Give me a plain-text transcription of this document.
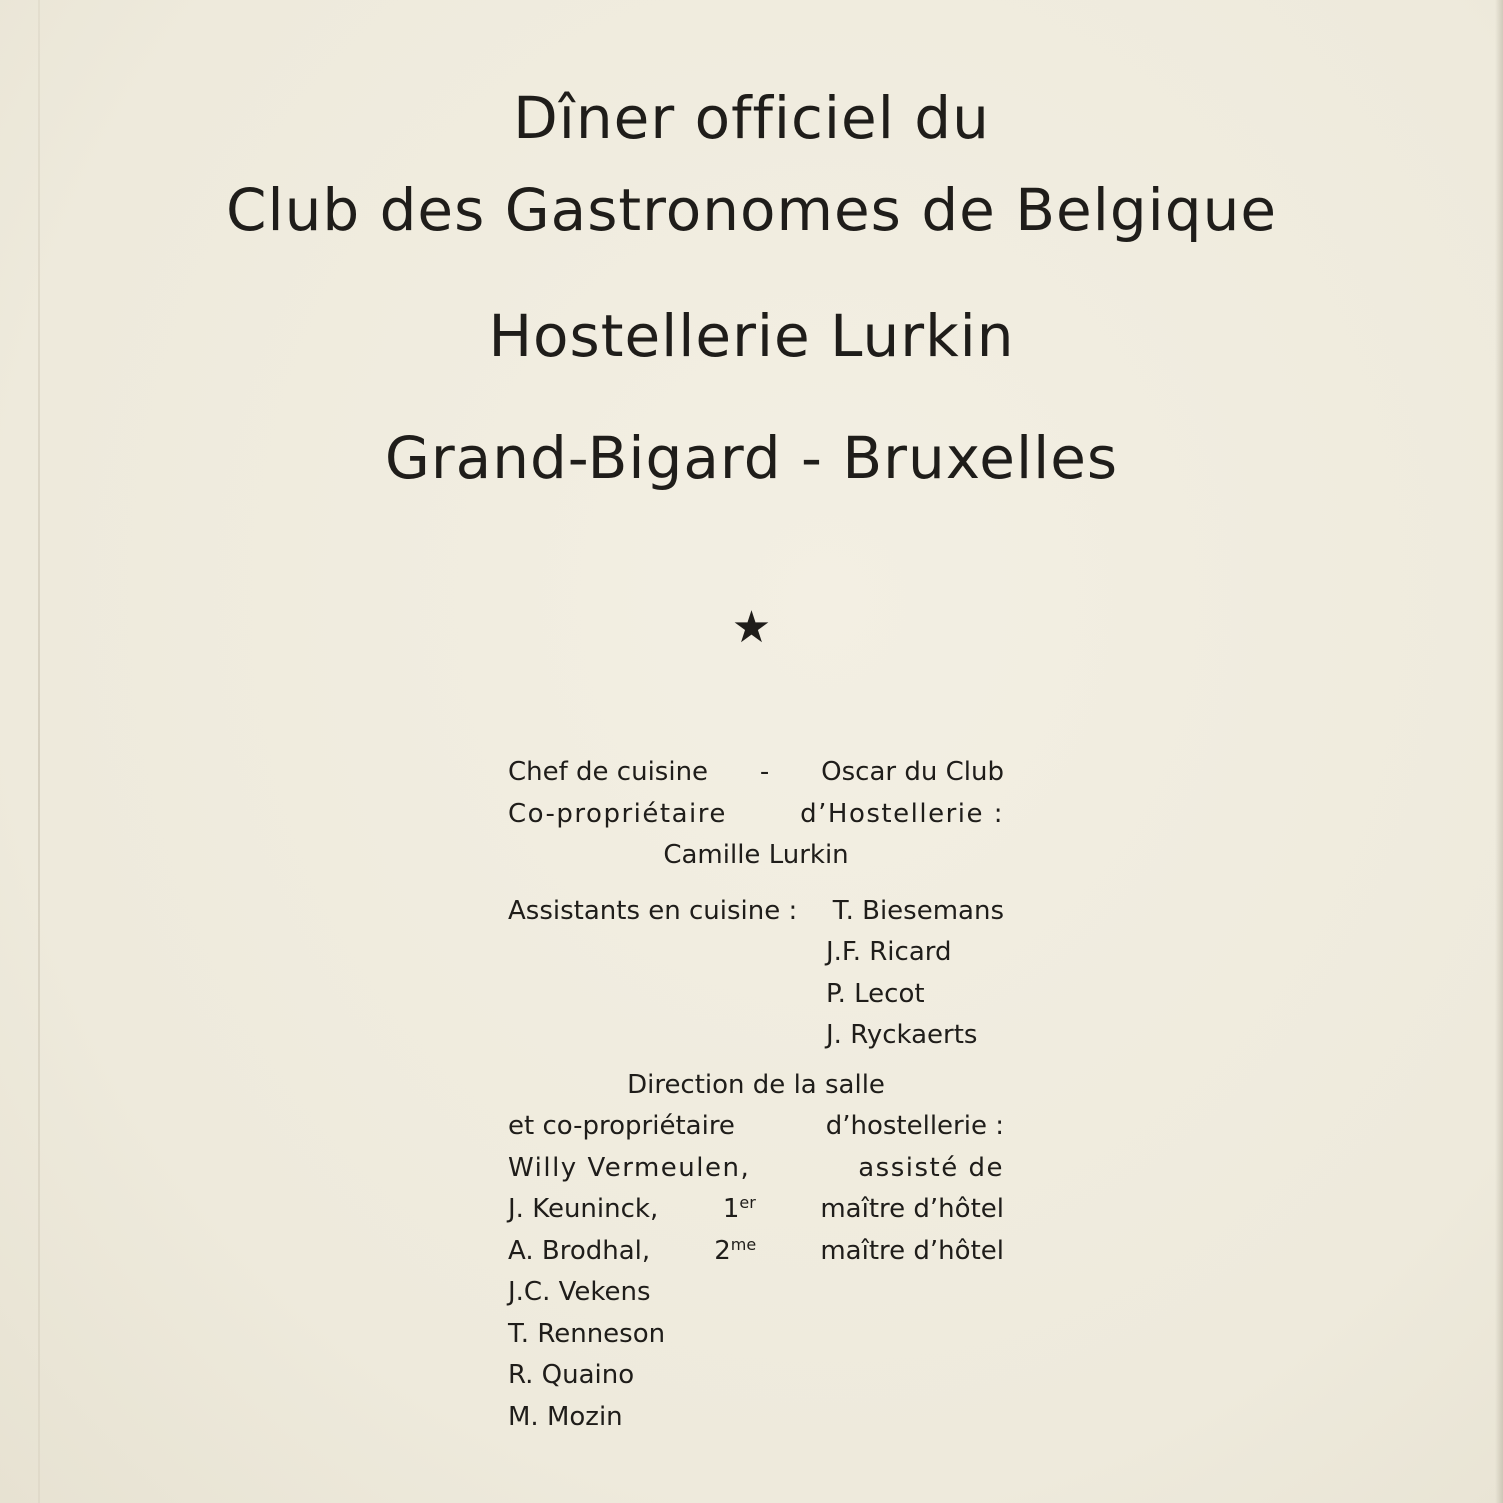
Dîner officiel du
Club des Gastronomes de Belgique
Hostellerie Lurkin
Grand-Bigard - Bruxelles
★
Chef de cuisine - Oscar du Club
Co-propriétaire	d’Hostellerie :
Camille Lurkin
Assistants en cuisine : T. Biesemans
J.F. Ricard
P. Lecot
J. Ryckaerts
Direction de la salle
et co-propriétaire	d’hostellerie :
Willy Vermeulen,	assisté de
J. Keuninck, 1er maître d’hôtel
A. Brodhal, $2^{me}$ maître d’hôtel
J.C. Vekens
T. Renneson
R. Quaino
M. Mozin
